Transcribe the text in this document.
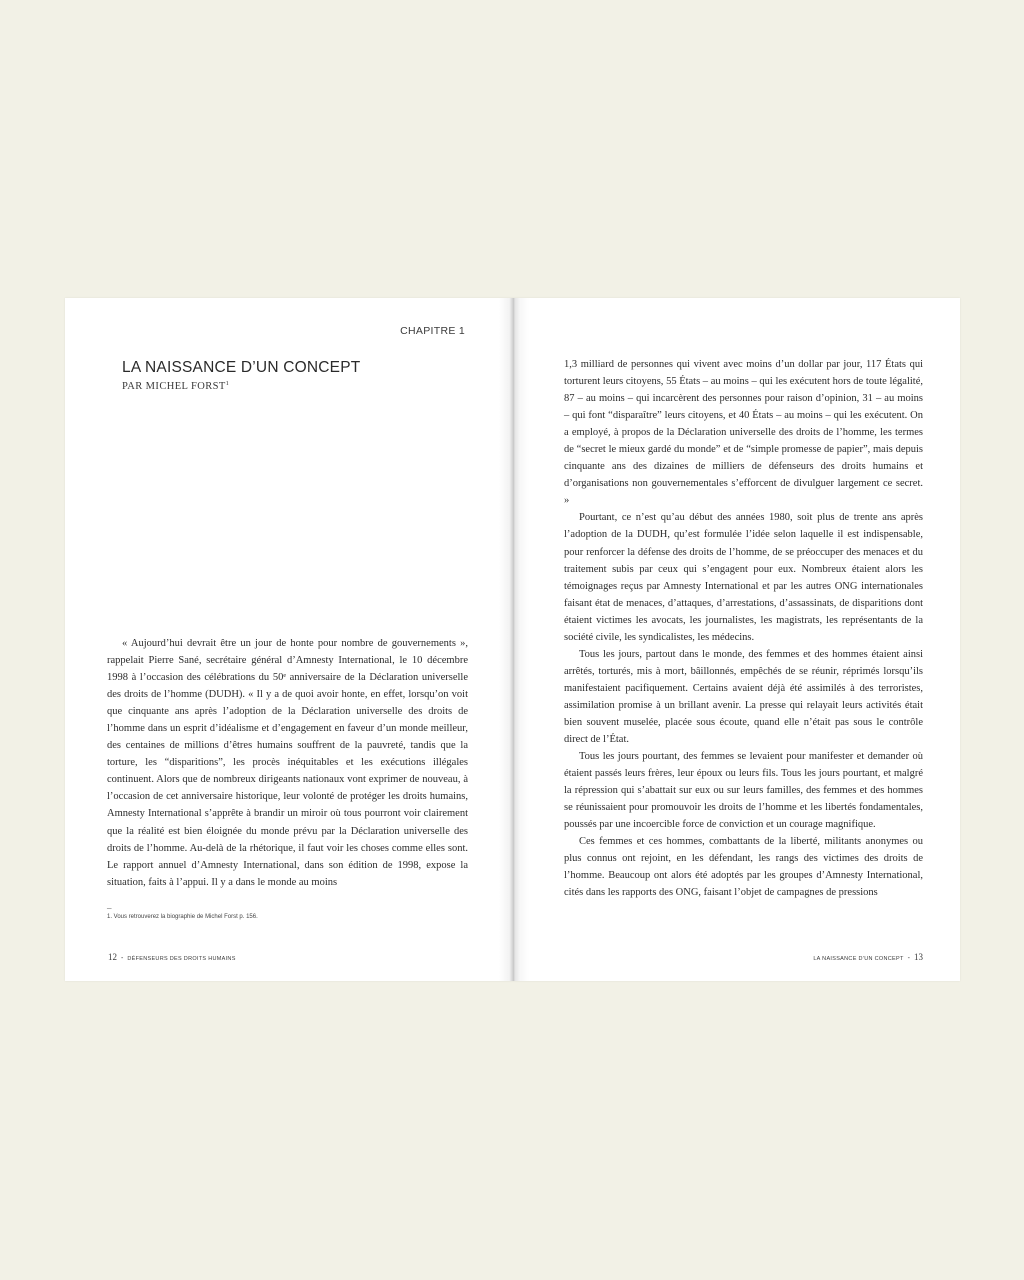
CHAPITRE 1

LA NAISSANCE D’UN CONCEPT

PAR MICHEL FORST$^1$

« Aujourd’hui devrait être un jour de honte pour nombre de gouvernements », rappelait Pierre Sané, secrétaire général d’Amnesty International, le 10 décembre 1998 à l’occasion des célébrations du 50ᵉ anniversaire de la Déclaration universelle des droits de l’homme (DUDH). « Il y a de quoi avoir honte, en effet, lorsqu’on voit que cinquante ans après l’adoption de la Déclaration universelle des droits de l’homme dans un esprit d’idéalisme et d’engagement en faveur d’un monde meilleur, des centaines de millions d’êtres humains souffrent de la pauvreté, tandis que la torture, les “disparitions”, les procès inéquitables et les exécutions illégales continuent. Alors que de nombreux dirigeants nationaux vont exprimer de nouveau, à l’occasion de cet anniversaire historique, leur volonté de protéger les droits humains, Amnesty International s’apprête à brandir un miroir où tous pourront voir clairement que la réalité est bien éloignée du monde prévu par la Déclaration universelle des droits de l’homme. Au-delà de la rhétorique, il faut voir les choses comme elles sont. Le rapport annuel d’Amnesty International, dans son édition de 1998, expose la situation, faits à l’appui. Il y a dans le monde au moins

–

1. Vous retrouverez la biographie de Michel Forst p. 156.

12 - DÉFENSEURS DES DROITS HUMAINS

1,3 milliard de personnes qui vivent avec moins d’un dollar par jour, 117 États qui torturent leurs citoyens, 55 États – au moins – qui les exécutent hors de toute légalité, 87 – au moins – qui incarcèrent des personnes pour raison d’opinion, 31 – au moins – qui font “disparaître” leurs citoyens, et 40 États – au moins – qui les exécutent. On a employé, à propos de la Déclaration universelle des droits de l’homme, les termes de “secret le mieux gardé du monde” et de “simple promesse de papier”, mais depuis cinquante ans des dizaines de milliers de défenseurs des droits humains et d’organisations non gouvernementales s’efforcent de divulguer largement ce secret. »

Pourtant, ce n’est qu’au début des années 1980, soit plus de trente ans après l’adoption de la DUDH, qu’est formulée l’idée selon laquelle il est indispensable, pour renforcer la défense des droits de l’homme, de se préoccuper des menaces et du traitement subis par ceux qui s’engagent pour eux. Nombreux étaient alors les témoignages reçus par Amnesty International et par les autres ONG internationales faisant état de menaces, d’attaques, d’arrestations, d’assassinats, de disparitions dont étaient victimes les avocats, les journalistes, les magistrats, les représentants de la société civile, les syndicalistes, les médecins.

Tous les jours, partout dans le monde, des femmes et des hommes étaient ainsi arrêtés, torturés, mis à mort, bâillonnés, empêchés de se réunir, réprimés lorsqu’ils manifestaient pacifiquement. Certains avaient déjà été assimilés à des terroristes, assimilation promise à un brillant avenir. La presse qui relayait leurs activités était bien souvent muselée, placée sous écoute, quand elle n’était pas sous le contrôle direct de l’État.

Tous les jours pourtant, des femmes se levaient pour manifester et demander où étaient passés leurs frères, leur époux ou leurs fils. Tous les jours pourtant, et malgré la répression qui s’abattait sur eux ou sur leurs familles, des femmes et des hommes se réunissaient pour promouvoir les droits de l’homme et les libertés fondamentales, poussés par une incoercible force de conviction et un courage magnifique.

Ces femmes et ces hommes, combattants de la liberté, militants anonymes ou plus connus ont rejoint, en les défendant, les rangs des victimes des droits de l’homme. Beaucoup ont alors été adoptés par les groupes d’Amnesty International, cités dans les rapports des ONG, faisant l’objet de campagnes de pressions

LA NAISSANCE D’UN CONCEPT - 13
